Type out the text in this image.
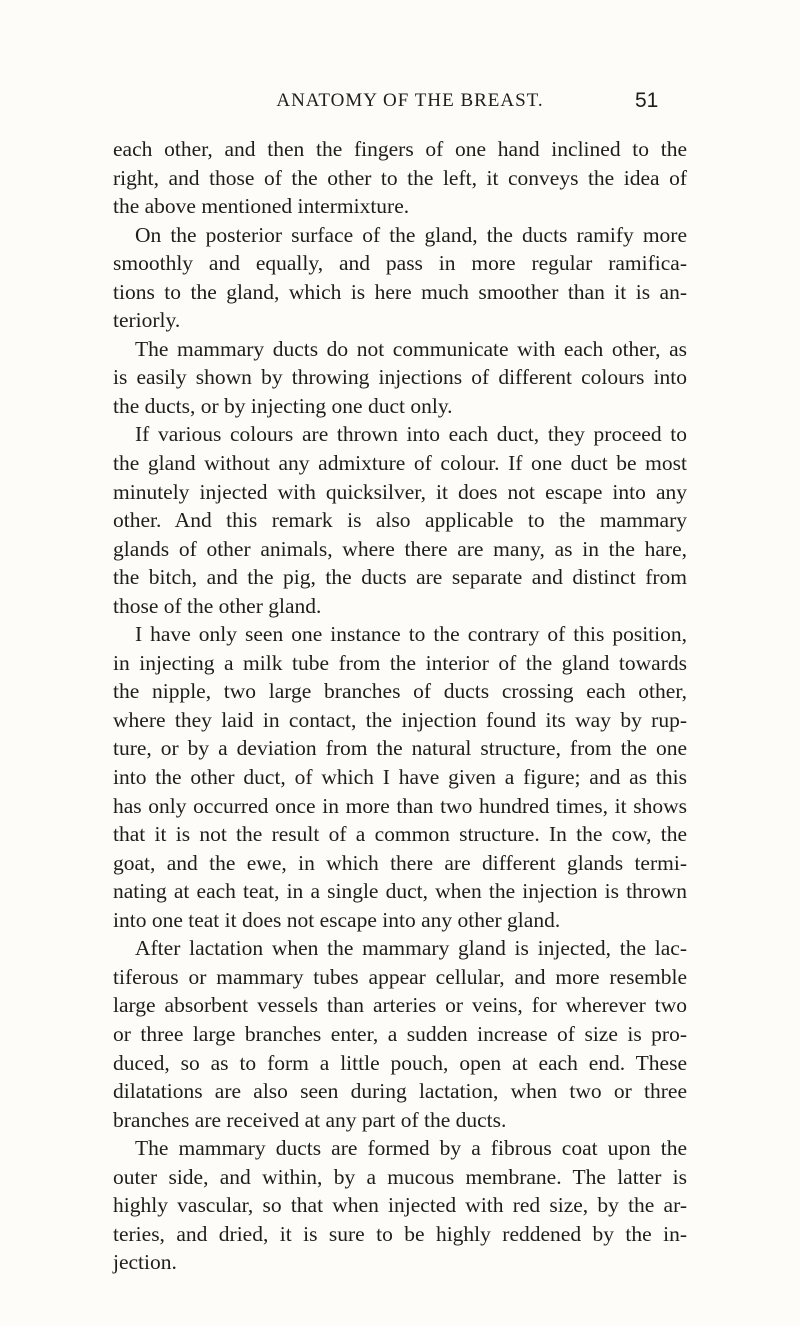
ANATOMY OF THE BREAST.	51
each other, and then the fingers of one hand inclined to the
right, and those of the other to the left, it conveys the idea of
the above mentioned intermixture.
On the posterior surface of the gland, the ducts ramify more
smoothly and equally, and pass in more regular ramifica-
tions to the gland, which is here much smoother than it is an-
teriorly.
The mammary ducts do not communicate with each other, as
is easily shown by throwing injections of different colours into
the ducts, or by injecting one duct only.
If various colours are thrown into each duct, they proceed to
the gland without any admixture of colour. If one duct be most
minutely injected with quicksilver, it does not escape into any
other. And this remark is also applicable to the mammary
glands of other animals, where there are many, as in the hare,
the bitch, and the pig, the ducts are separate and distinct from
those of the other gland.
I have only seen one instance to the contrary of this position,
in injecting a milk tube from the interior of the gland towards
the nipple, two large branches of ducts crossing each other,
where they laid in contact, the injection found its way by rup-
ture, or by a deviation from the natural structure, from the one
into the other duct, of which I have given a figure; and as this
has only occurred once in more than two hundred times, it shows
that it is not the result of a common structure. In the cow, the
goat, and the ewe, in which there are different glands termi-
nating at each teat, in a single duct, when the injection is thrown
into one teat it does not escape into any other gland.
After lactation when the mammary gland is injected, the lac-
tiferous or mammary tubes appear cellular, and more resemble
large absorbent vessels than arteries or veins, for wherever two
or three large branches enter, a sudden increase of size is pro-
duced, so as to form a little pouch, open at each end. These
dilatations are also seen during lactation, when two or three
branches are received at any part of the ducts.
The mammary ducts are formed by a fibrous coat upon the
outer side, and within, by a mucous membrane. The latter is
highly vascular, so that when injected with red size, by the ar-
teries, and dried, it is sure to be highly reddened by the in-
jection.
